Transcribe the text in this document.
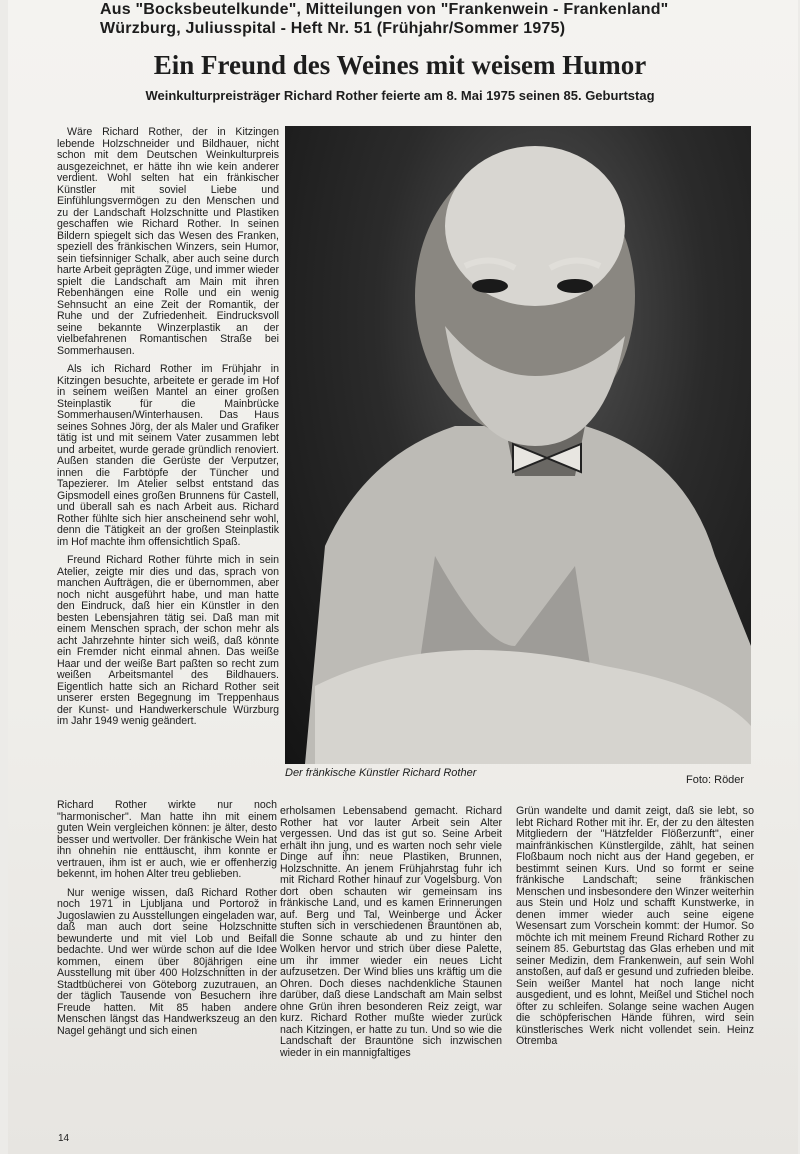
Aus "Bocksbeutelkunde", Mitteilungen von "Frankenwein - Frankenland"
Würzburg, Juliusspital - Heft Nr. 51 (Frühjahr/Sommer 1975)
Ein Freund des Weines mit weisem Humor
Weinkulturpreisträger Richard Rother feierte am 8. Mai 1975 seinen 85. Geburtstag

Wäre Richard Rother, der in Kitzingen lebende Holzschneider und Bildhauer, nicht schon mit dem Deutschen Weinkulturpreis ausgezeichnet, er hätte ihn wie kein anderer verdient. Wohl selten hat ein fränkischer Künstler mit soviel Liebe und Einfühlungsvermögen zu den Menschen und zu der Landschaft Holzschnitte und Plastiken geschaffen wie Richard Rother. In seinen Bildern spiegelt sich das Wesen des Franken, speziell des fränkischen Winzers, sein Humor, sein tiefsinniger Schalk, aber auch seine durch harte Arbeit geprägten Züge, und immer wieder spielt die Landschaft am Main mit ihren Rebenhängen eine Rolle und ein wenig Sehnsucht an eine Zeit der Romantik, der Ruhe und der Zufriedenheit. Eindrucksvoll seine bekannte Winzerplastik an der vielbefahrenen Romantischen Straße bei Sommerhausen.

Als ich Richard Rother im Frühjahr in Kitzingen besuchte, arbeitete er gerade im Hof in seinem weißen Mantel an einer großen Steinplastik für die Mainbrücke Sommerhausen/Winterhausen. Das Haus seines Sohnes Jörg, der als Maler und Grafiker tätig ist und mit seinem Vater zusammen lebt und arbeitet, wurde gerade gründlich renoviert. Außen standen die Gerüste der Verputzer, innen die Farbtöpfe der Tüncher und Tapezierer. Im Atelier selbst entstand das Gipsmodell eines großen Brunnens für Castell, und überall sah es nach Arbeit aus. Richard Rother fühlte sich hier anscheinend sehr wohl, denn die Tätigkeit an der großen Steinplastik im Hof machte ihm offensichtlich Spaß.

Freund Richard Rother führte mich in sein Atelier, zeigte mir dies und das, sprach von manchen Aufträgen, die er übernommen, aber noch nicht ausgeführt habe, und man hatte den Eindruck, daß hier ein Künstler in den besten Lebensjahren tätig sei. Daß man mit einem Menschen sprach, der schon mehr als acht Jahrzehnte hinter sich weiß, daß könnte ein Fremder nicht einmal ahnen. Das weiße Haar und der weiße Bart paßten so recht zum weißen Arbeitsmantel des Bildhauers. Eigentlich hatte sich an Richard Rother seit unserer ersten Begegnung im Treppenhaus der Kunst- und Handwerkerschule Würzburg im Jahr 1949 wenig geändert.

Der fränkische Künstler Richard Rother
Foto: Röder

Richard Rother wirkte nur noch "harmonischer". Man hatte ihn mit einem guten Wein vergleichen können: je älter, desto besser und wertvoller. Der fränkische Wein hat ihn ohnehin nie enttäuscht, ihm konnte er vertrauen, ihm ist er auch, wie er offenherzig bekennt, im hohen Alter treu geblieben.

Nur wenige wissen, daß Richard Rother noch 1971 in Ljubljana und Portorož in Jugoslawien zu Ausstellungen eingeladen war, daß man auch dort seine Holzschnitte bewunderte und mit viel Lob und Beifall bedachte. Und wer würde schon auf die Idee kommen, einem über 80jährigen eine Ausstellung mit über 400 Holzschnitten in der Stadtbücherei von Göteborg zuzutrauen, an der täglich Tausende von Besuchern ihre Freude hatten. Mit 85 haben andere Menschen längst das Handwerkszeug an den Nagel gehängt und sich einen

erholsamen Lebensabend gemacht. Richard Rother hat vor lauter Arbeit sein Alter vergessen. Und das ist gut so. Seine Arbeit erhält ihn jung, und es warten noch sehr viele Dinge auf ihn: neue Plastiken, Brunnen, Holzschnitte. An jenem Frühjahrstag fuhr ich mit Richard Rother hinauf zur Vogelsburg. Von dort oben schauten wir gemeinsam ins fränkische Land, und es kamen Erinnerungen auf. Berg und Tal, Weinberge und Äcker stuften sich in verschiedenen Brauntönen ab, die Sonne schaute ab und zu hinter den Wolken hervor und strich über diese Palette, um ihr immer wieder ein neues Licht aufzusetzen. Der Wind blies uns kräftig um die Ohren. Doch dieses nachdenkliche Staunen darüber, daß diese Landschaft am Main selbst ohne Grün ihren besonderen Reiz zeigt, war kurz. Richard Rother mußte wieder zurück nach Kitzingen, er hatte zu tun. Und so wie die Landschaft der Brauntöne sich inzwischen wieder in ein mannigfaltiges

Grün wandelte und damit zeigt, daß sie lebt, so lebt Richard Rother mit ihr. Er, der zu den ältesten Mitgliedern der "Hätzfelder Flößerzunft", einer mainfränkischen Künstlergilde, zählt, hat seinen Floßbaum noch nicht aus der Hand gegeben, er bestimmt seinen Kurs. Und so formt er seine fränkische Landschaft; seine fränkischen Menschen und insbesondere den Winzer weiterhin aus Stein und Holz und schafft Kunstwerke, in denen immer wieder auch seine eigene Wesensart zum Vorschein kommt: der Humor. So möchte ich mit meinem Freund Richard Rother zu seinem 85. Geburtstag das Glas erheben und mit seiner Medizin, dem Frankenwein, auf sein Wohl anstoßen, auf daß er gesund und zufrieden bleibe. Sein weißer Mantel hat noch lange nicht ausgedient, und es lohnt, Meißel und Stichel noch öfter zu schleifen. Solange seine wachen Augen die schöpferischen Hände führen, wird sein künstlerisches Werk nicht vollendet sein. Heinz Otremba

14
